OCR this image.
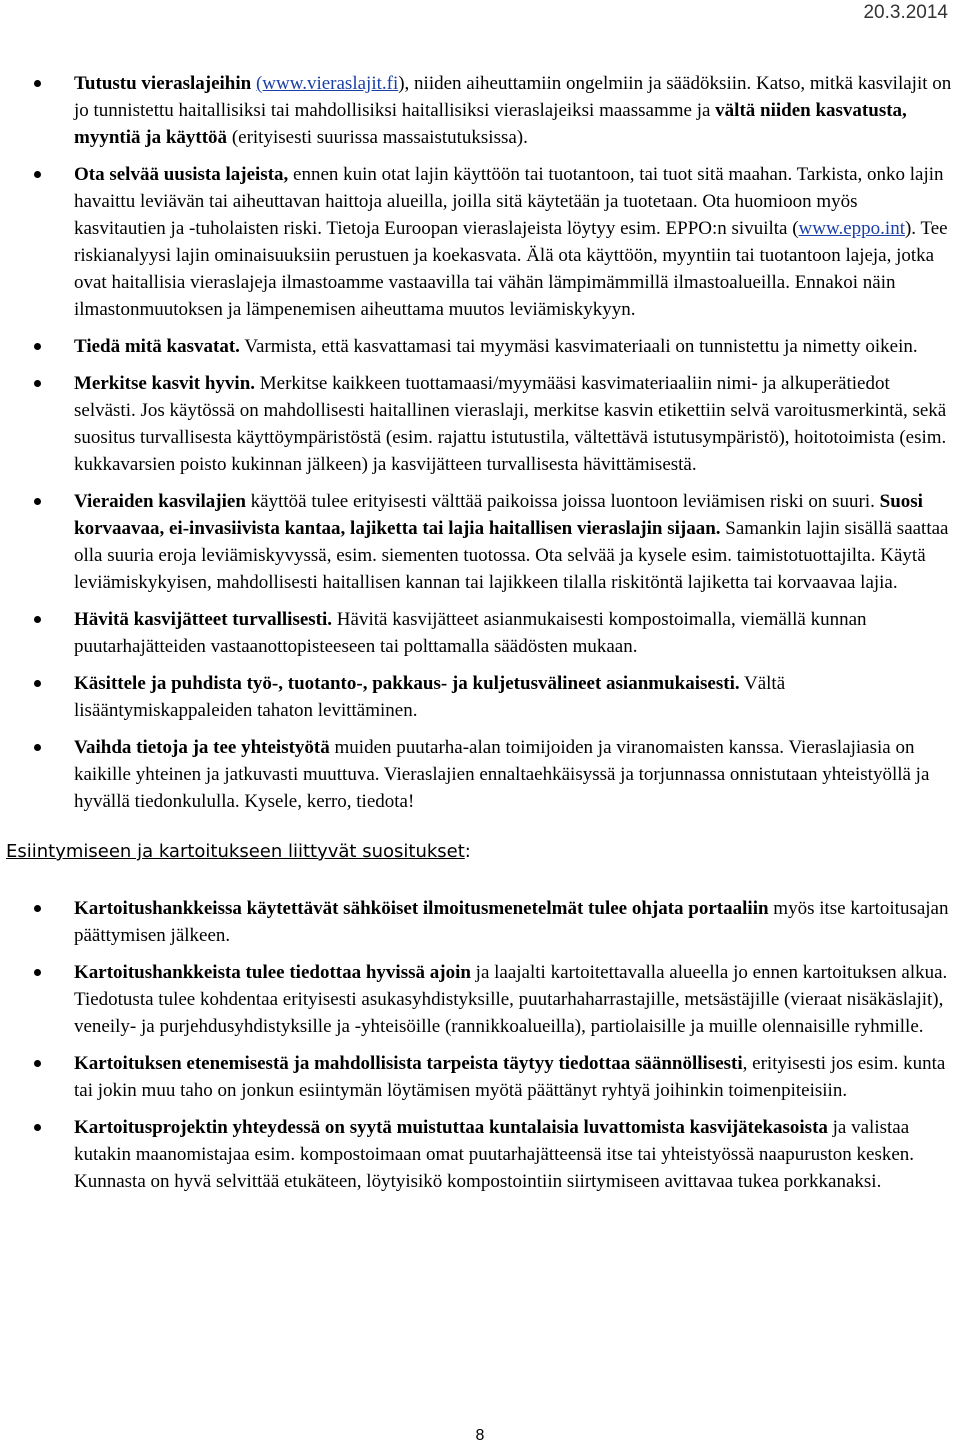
20.3.2014
Tutustu vieraslajeihin (www.vieraslajit.fi), niiden aiheuttamiin ongelmiin ja säädöksiin. Katso, mitkä kasvilajit on jo tunnistettu haitallisiksi tai mahdollisiksi haitallisiksi vieraslajeiksi maassamme ja vältä niiden kasvatusta, myyntiä ja käyttöä (erityisesti suurissa massaistutuksissa).
Ota selvää uusista lajeista, ennen kuin otat lajin käyttöön tai tuotantoon, tai tuot sitä maahan. Tarkista, onko lajin havaittu leviävän tai aiheuttavan haittoja alueilla, joilla sitä käytetään ja tuotetaan. Ota huomioon myös kasvitautien ja -tuholaisten riski. Tietoja Euroopan vieraslajeista löytyy esim. EPPO:n sivuilta (www.eppo.int). Tee riskianalyysi lajin ominaisuuksiin perustuen ja koekasvata. Älä ota käyttöön, myyntiin tai tuotantoon lajeja, jotka ovat haitallisia vieraslajeja ilmastoamme vastaavilla tai vähän lämpimämmillä ilmastoalueilla. Ennakoi näin ilmastonmuutoksen ja lämpenemisen aiheuttama muutos leviämiskykyyn.
Tiedä mitä kasvatat. Varmista, että kasvattamasi tai myymäsi kasvimateriaali on tunnistettu ja nimetty oikein.
Merkitse kasvit hyvin. Merkitse kaikkeen tuottamaasi/myymääsi kasvimateriaaliin nimi- ja alkuperätiedot selvästi. Jos käytössä on mahdollisesti haitallinen vieraslaji, merkitse kasvin etikettiin selvä varoitusmerkintä, sekä suositus turvallisesta käyttöympäristöstä (esim. rajattu istutustila, vältettävä istutusympäristö), hoitotoimista (esim. kukkavarsien poisto kukinnan jälkeen) ja kasvijätteen turvallisesta hävittämisestä.
Vieraiden kasvilajien käyttöä tulee erityisesti välttää paikoissa joissa luontoon leviämisen riski on suuri. Suosi korvaavaa, ei-invasiivista kantaa, lajiketta tai lajia haitallisen vieraslajin sijaan. Samankin lajin sisällä saattaa olla suuria eroja leviämiskyvyssä, esim. siementen tuotossa. Ota selvää ja kysele esim. taimistotuottajilta. Käytä leviämiskykyisen, mahdollisesti haitallisen kannan tai lajikkeen tilalla riskitöntä lajiketta tai korvaavaa lajia.
Hävitä kasvijätteet turvallisesti. Hävitä kasvijätteet asianmukaisesti kompostoimalla, viemällä kunnan puutarhajätteiden vastaanottopisteeseen tai polttamalla säädösten mukaan.
Käsittele ja puhdista työ-, tuotanto-, pakkaus- ja kuljetusvälineet asianmukaisesti. Vältä lisääntymiskappaleiden tahaton levittäminen.
Vaihda tietoja ja tee yhteistyötä muiden puutarha-alan toimijoiden ja viranomaisten kanssa. Vieraslajiasia on kaikille yhteinen ja jatkuvasti muuttuva. Vieraslajien ennaltaehkäisyssä ja torjunnassa onnistutaan yhteistyöllä ja hyvällä tiedonkululla. Kysele, kerro, tiedota!
Esiintymiseen ja kartoitukseen liittyvät suositukset:
Kartoitushankkeissa käytettävät sähköiset ilmoitusmenetelmät tulee ohjata portaaliin myös itse kartoitusajan päättymisen jälkeen.
Kartoitushankkeista tulee tiedottaa hyvissä ajoin ja laajalti kartoitettavalla alueella jo ennen kartoituksen alkua. Tiedotusta tulee kohdentaa erityisesti asukasyhdistyksille, puutarhaharrastajille, metsästäjille (vieraat nisäkäslajit), veneily- ja purjehdusyhdistyksille ja -yhteisöille (rannikkoalueilla), partiolaisille ja muille olennaisille ryhmille.
Kartoituksen etenemisestä ja mahdollisista tarpeista täytyy tiedottaa säännöllisesti, erityisesti jos esim. kunta tai jokin muu taho on jonkun esiintymän löytämisen myötä päättänyt ryhtyä joihinkin toimenpiteisiin.
Kartoitusprojektin yhteydessä on syytä muistuttaa kuntalaisia luvattomista kasvijätekasoista ja valistaa kutakin maanomistajaa esim. kompostoimaan omat puutarhajätteensä itse tai yhteistyössä naapuruston kesken. Kunnasta on hyvä selvittää etukäteen, löytyisikö kompostointiin siirtymiseen avittavaa tukea porkkanaksi.
8
